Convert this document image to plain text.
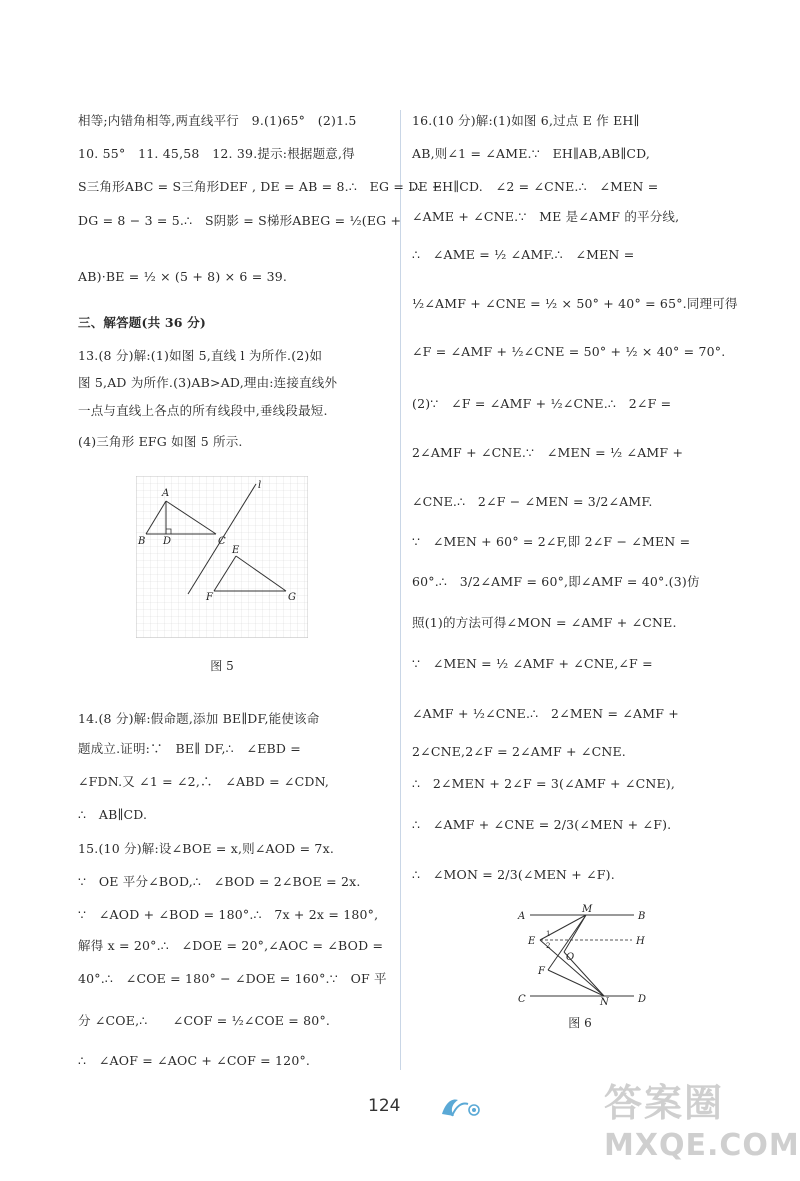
相等;内错角相等,两直线平行　9.(1)65°　(2)1.5
10. 55°　11. 45,58　12. 39.提示:根据题意,得
S三角形ABC = S三角形DEF , DE = AB = 8.∴　EG = DE −
DG = 8 − 3 = 5.∴　S阴影 = S梯形ABEG = ½(EG +
AB)·BE = ½ × (5 + 8) × 6 = 39.
三、解答题(共 36 分)
13.(8 分)解:(1)如图 5,直线 l 为所作.(2)如
图 5,AD 为所作.(3)AB>AD,理由:连接直线外
一点与直线上各点的所有线段中,垂线段最短.
(4)三角形 EFG 如图 5 所示.
A
l
B D	C
E
F	G
图 5
14.(8 分)解:假命题,添加 BE∥DF,能使该命
题成立.证明:∵　BE∥ DF,∴　∠EBD =
∠FDN.又 ∠1 = ∠2,∴　∠ABD = ∠CDN,
∴　AB∥CD.
15.(10 分)解:设∠BOE = x,则∠AOD = 7x.
∵　OE 平分∠BOD,∴　∠BOD = 2∠BOE = 2x.
∵　∠AOD + ∠BOD = 180°.∴　7x + 2x = 180°,
解得 x = 20°.∴　∠DOE = 20°,∠AOC = ∠BOD =
40°.∴　∠COE = 180° − ∠DOE = 160°.∵　OF 平
分 ∠COE,∴　　∠COF = ½∠COE = 80°.
∴　∠AOF = ∠AOC + ∠COF = 120°.
16.(10 分)解:(1)如图 6,过点 E 作 EH∥
AB,则∠1 = ∠AME.∵　EH∥AB,AB∥CD,
∴　EH∥CD.　∠2 = ∠CNE.∴　∠MEN =
∠AME + ∠CNE.∵　ME 是∠AMF 的平分线,
∴　∠AME = ½ ∠AMF.∴　∠MEN =
½∠AMF + ∠CNE = ½ × 50° + 40° = 65°.同理可得
∠F = ∠AMF + ½∠CNE = 50° + ½ × 40° = 70°.
(2)∵　∠F = ∠AMF + ½∠CNE.∴　2∠F =
2∠AMF + ∠CNE.∵　∠MEN = ½ ∠AMF +
∠CNE.∴　2∠F − ∠MEN = 3/2∠AMF.
∵　∠MEN + 60° = 2∠F,即 2∠F − ∠MEN =
60°.∴　3/2∠AMF = 60°,即∠AMF = 40°.(3)仿
照(1)的方法可得∠MON = ∠AMF + ∠CNE.
∵　∠MEN = ½ ∠AMF + ∠CNE,∠F =
∠AMF + ½∠CNE.∴　2∠MEN = ∠AMF +
2∠CNE,2∠F = 2∠AMF + ∠CNE.
∴　2∠MEN + 2∠F = 3(∠AMF + ∠CNE),
∴　∠AMF + ∠CNE = 2/3(∠MEN + ∠F).
∴　∠MON = 2/3(∠MEN + ∠F).
A
M
B
E	H
O
F
C	N	D
1
2
图 6
124	答案圈
MXQE.COM
